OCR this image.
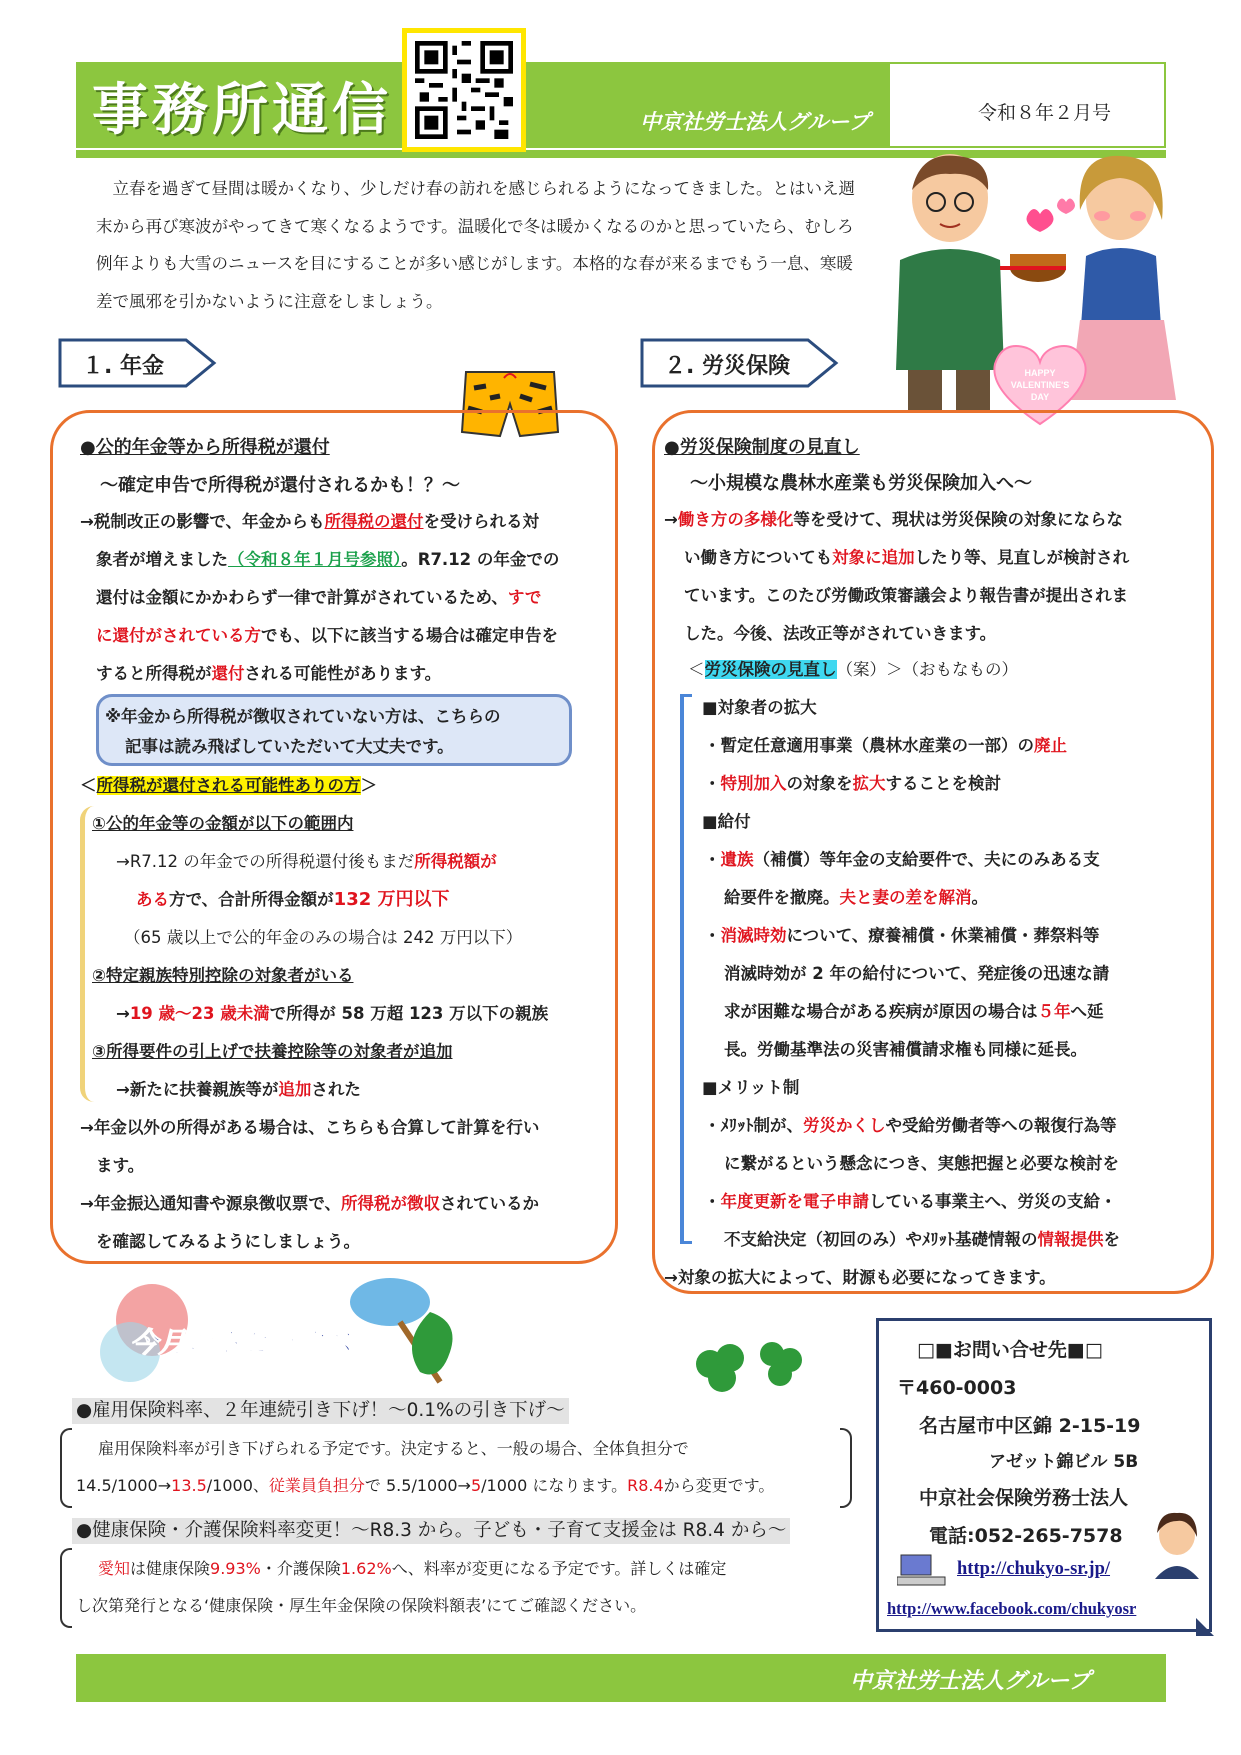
事務所通信	中京社労士法人グループ	令和８年２月号

立春を過ぎて昼間は暖かくなり、少しだけ春の訪れを感じられるようになってきました。とはいえ週末から再び寒波がやってきて寒くなるようです。温暖化で冬は暖かくなるのかと思っていたら、むしろ例年よりも大雪のニュースを目にすることが多い感じがします。本格的な春が来るまでもう一息、寒暖差で風邪を引かないように注意をしましょう。

HAPPY
VALENTINE'S
DAY
１. 年金	２. 労災保険
●公的年金等から所得税が還付
～確定申告で所得税が還付されるかも！？～
→税制改正の影響で、年金からも所得税の還付を受けられる対
象者が増えました（令和８年１月号参照）。R7.12 の年金での
還付は金額にかかわらず一律で計算がされているため、すで
に還付がされている方でも、以下に該当する場合は確定申告を
すると所得税が還付される可能性があります。
※年金から所得税が徴収されていない方は、こちらの
記事は読み飛ばしていただいて大丈夫です。
＜所得税が還付される可能性ありの方＞
①公的年金等の金額が以下の範囲内
→R7.12 の年金での所得税還付後もまだ所得税額が
ある方で、合計所得金額が132 万円以下
（65 歳以上で公的年金のみの場合は 242 万円以下）
②特定親族特別控除の対象者がいる
→19 歳～23 歳未満で所得が 58 万超 123 万以下の親族
③所得要件の引上げで扶養控除等の対象者が追加
→新たに扶養親族等が追加された
→年金以外の所得がある場合は、こちらも合算して計算を行い
ます。
→年金振込通知書や源泉徴収票で、所得税が徴収されているか
を確認してみるようにしましょう。
●労災保険制度の見直し
～小規模な農林水産業も労災保険加入へ～
→働き方の多様化等を受けて、現状は労災保険の対象にならな
い働き方についても対象に追加したり等、見直しが検討され
ています。このたび労働政策審議会より報告書が提出されま
した。今後、法改正等がされていきます。
＜労災保険の見直し（案）＞（おもなもの）
■対象者の拡大
・暫定任意適用事業（農林水産業の一部）の廃止
・特別加入の対象を拡大することを検討
■給付
・遺族（補償）等年金の支給要件で、夫にのみある支
給要件を撤廃。夫と妻の差を解消。
・消滅時効について、療養補償・休業補償・葬祭料等
消滅時効が 2 年の給付について、発症後の迅速な請
求が困難な場合がある疾病が原因の場合は５年へ延
長。労働基準法の災害補償請求権も同様に延長。
■メリット制
・ﾒﾘｯﾄ制が、労災かくしや受給労働者等への報復行為等
に繋がるという懸念につき、実態把握と必要な検討を
・年度更新を電子申請している事業主へ、労災の支給・
不支給決定（初回のみ）やﾒﾘｯﾄ基礎情報の情報提供を
→対象の拡大によって、財源も必要になってきます。
今月のトピックス
●雇用保険料率、２年連続引き下げ！～0.1%の引き下げ～
雇用保険料率が引き下げられる予定です。決定すると、一般の場合、全体負担分で
14.5/1000→13.5/1000、従業員負担分で 5.5/1000→5/1000 になります。R8.4から変更です。
●健康保険・介護保険料率変更！～R8.3 から。子ども・子育て支援金は R8.4 から～
愛知は健康保険9.93%・介護保険1.62%へ、料率が変更になる予定です。詳しくは確定
し次第発行となる‘健康保険・厚生年金保険の保険料額表’にてご確認ください。
□■お問い合せ先■□
〒460-0003
名古屋市中区錦 2-15-19
アゼット錦ビル 5B
中京社会保険労務士法人
電話:052-265-7578
http://chukyo-sr.jp/
http://www.facebook.com/chukyosr
中京社労士法人グループ
